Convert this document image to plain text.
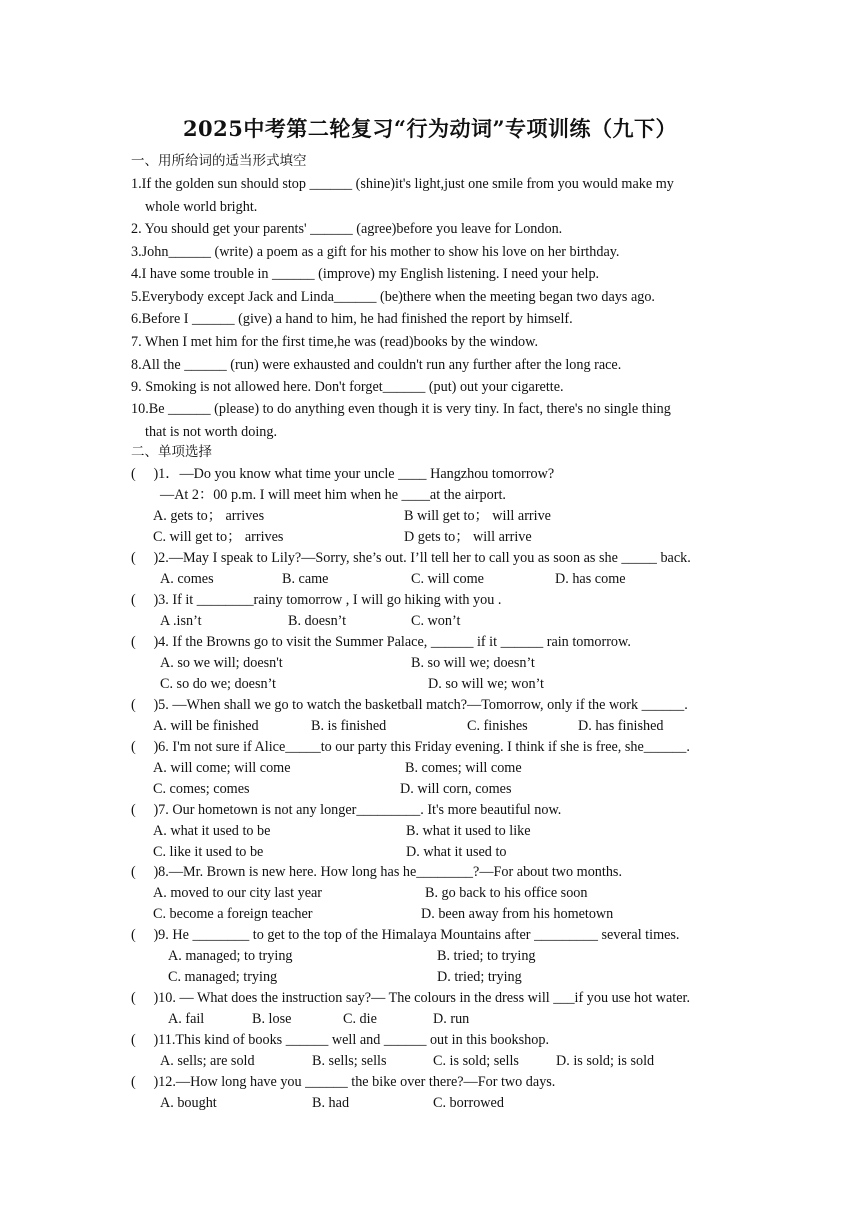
2025中考第二轮复习“行为动词”专项训练（九下）
一、用所给词的适当形式填空
1.If the golden sun should stop ______ (shine)it's light,just one smile from you would make my
whole world bright.
2. You should get your parents' ______ (agree)before you leave for London.
3.John______ (write) a poem as a gift for his mother to show his love on her birthday.
4.I have some trouble in ______ (improve) my English listening. I need your help.
5.Everybody except Jack and Linda______ (be)there when the meeting began two days ago.
6.Before I ______ (give) a hand to him, he had finished the report by himself.
7. When I met him for the first time,he was (read)books by the window.
8.All the ______ (run) were exhausted and couldn't run any further after the long race.
9. Smoking is not allowed here. Don't forget______ (put) out your cigarette.
10.Be ______ (please) to do anything even though it is very tiny. In fact, there's no single thing
that is not worth doing.
二、单项选择
(　 )1．—Do you know what time your uncle ____ Hangzhou tomorrow?
—At 2：00 p.m. I will meet him when he ____at the airport.
A. gets to； arrives	B will get to； will arrive
C. will get to； arrives	D gets to； will arrive
(　 )2.—May I speak to Lily?—Sorry, she’s out. I’ll tell her to call you as soon as she _____ back.
A. comes	B. came	C. will come	D. has come
(　 )3. If it ________rainy tomorrow , I will go hiking with you .
A .isn’t	B. doesn’t	C. won’t
(　 )4. If the Browns go to visit the Summer Palace, ______ if it ______ rain tomorrow.
A. so we will; doesn't	B. so will we; doesn’t
C. so do we; doesn’t	D. so will we; won’t
(　 )5. —When shall we go to watch the basketball match?—Tomorrow, only if the work ______.
A. will be finished	B. is finished	C. finishes	D. has finished
(　 )6. I'm not sure if Alice_____to our party this Friday evening. I think if she is free, she______.
A. will come; will come	B. comes; will come
C. comes; comes	D. will corn, comes
(　 )7. Our hometown is not any longer_________. It's more beautiful now.
A. what it used to be	B. what it used to like
C. like it used to be	D. what it used to
(　 )8.—Mr. Brown is new here. How long has he________?—For about two months.
A. moved to our city last year	B. go back to his office soon
C. become a foreign teacher	D. been away from his hometown
(　 )9. He ________ to get to the top of the Himalaya Mountains after _________ several times.
A. managed; to trying	B. tried; to trying
C. managed; trying	D. tried; trying
(　 )10. — What does the instruction say?— The colours in the dress will ___if you use hot water.
A. fail	B. lose	C. die	D. run
(　 )11.This kind of books ______ well and ______ out in this bookshop.
A. sells; are sold	B. sells; sells	C. is sold; sells	D. is sold; is sold
(　 )12.—How long have you ______ the bike over there?—For two days.
A. bought	B. had	C. borrowed
